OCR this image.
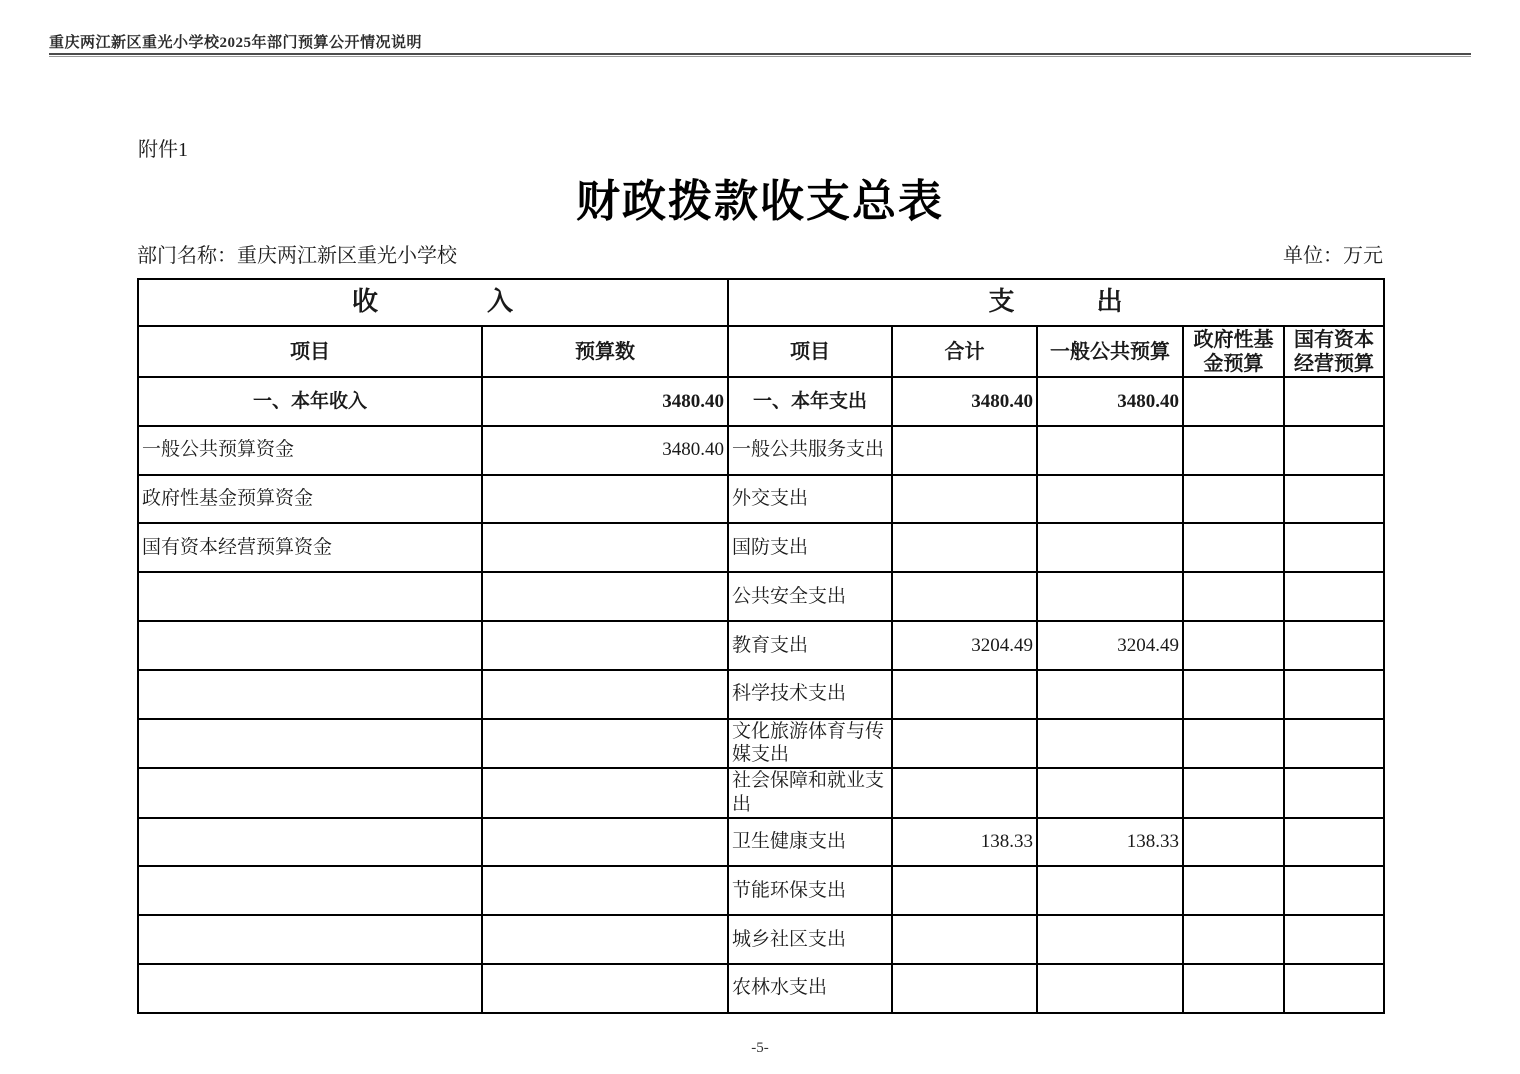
重庆两江新区重光小学校2025年部门预算公开情况说明
附件1
财政拨款收支总表
部门名称：重庆两江新区重光小学校	单位：万元
收　　　　入		支　　　出				
项目	预算数	项目	合计	一般公共预算	政府性基金预算	国有资本经营预算
一、本年收入	3480.40	一、本年支出	3480.40	3480.40		
一般公共预算资金	3480.40	一般公共服务支出				
政府性基金预算资金		外交支出				
国有资本经营预算资金		国防支出				
		公共安全支出				
		教育支出	3204.49	3204.49		
		科学技术支出				
		文化旅游体育与传媒支出				
		社会保障和就业支出				
		卫生健康支出	138.33	138.33		
		节能环保支出				
		城乡社区支出				
		农林水支出				
-5-
